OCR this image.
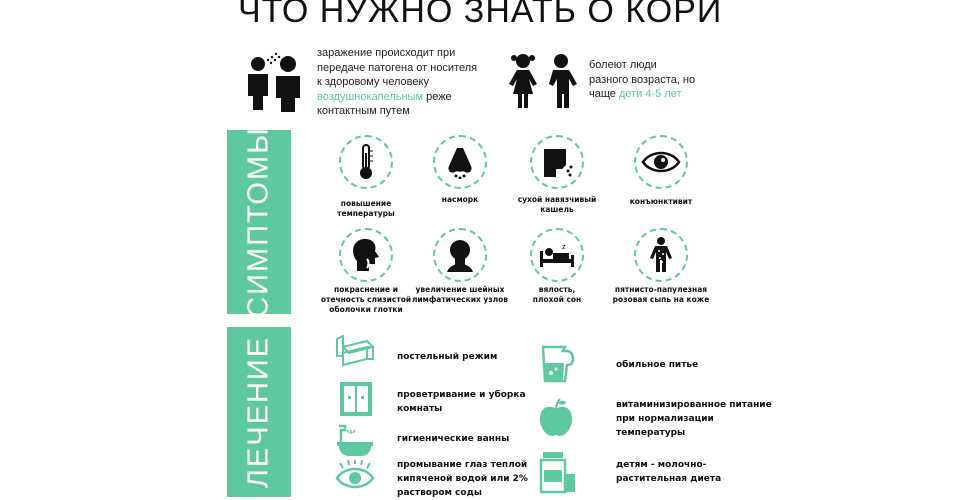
ЧТО НУЖНО ЗНАТЬ О КОРИ
заражение происходит при
передаче патогена от носителя
к здоровому человеку
воздушнокапельным реже
контактным путем
болеют люди
разного возраста, но
чаще дети 4-5 лет
СИМПТОМЫ
ЛЕЧЕНИЕ
повышение
температуры
насморк	сухой навязчивый
кашель
конъюнктивит
покраснение и
отечность слизистой
оболочки глотки
увеличение шейных
лимфатических узлов
z
вялость,
плохой сон
пятнисто-папулезная
розовая сыпь на коже
постельный режим
проветривание и уборка
комнаты
гигиенические ванны
промывание глаз теплой
кипяченой водой или 2%
раствором соды
обильное питье
витаминизированное питание
при нормализации
температуры
детям - молочно-
растительная диета
